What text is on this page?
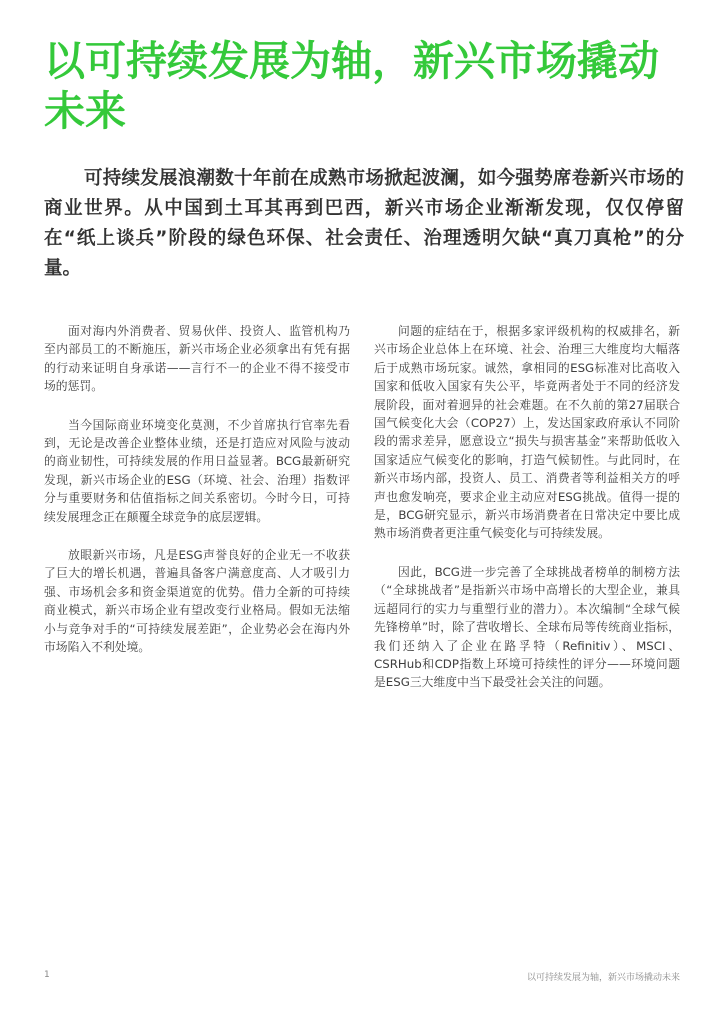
以可持续发展为轴，新兴市场撬动未来

可持续发展浪潮数十年前在成熟市场掀起波澜，如今强势席卷新兴市场的商业世界。从中国到土耳其再到巴西，新兴市场企业渐渐发现，仅仅停留在“纸上谈兵”阶段的绿色环保、社会责任、治理透明欠缺“真刀真枪”的分量。

面对海内外消费者、贸易伙伴、投资人、监管机构乃至内部员工的不断施压，新兴市场企业必须拿出有凭有据的行动来证明自身承诺——言行不一的企业不得不接受市场的惩罚。

当今国际商业环境变化莫测，不少首席执行官率先看到，无论是改善企业整体业绩，还是打造应对风险与波动的商业韧性，可持续发展的作用日益显著。BCG最新研究发现，新兴市场企业的ESG（环境、社会、治理）指数评分与重要财务和估值指标之间关系密切。今时今日，可持续发展理念正在颠覆全球竞争的底层逻辑。

放眼新兴市场，凡是ESG声誉良好的企业无一不收获了巨大的增长机遇，普遍具备客户满意度高、人才吸引力强、市场机会多和资金渠道宽的优势。借力全新的可持续商业模式，新兴市场企业有望改变行业格局。假如无法缩小与竞争对手的“可持续发展差距”，企业势必会在海内外市场陷入不利处境。

问题的症结在于，根据多家评级机构的权威排名，新兴市场企业总体上在环境、社会、治理三大维度均大幅落后于成熟市场玩家。诚然，拿相同的ESG标准对比高收入国家和低收入国家有失公平，毕竟两者处于不同的经济发展阶段，面对着迥异的社会难题。在不久前的第27届联合国气候变化大会（COP27）上，发达国家政府承认不同阶段的需求差异，愿意设立“损失与损害基金”来帮助低收入国家适应气候变化的影响，打造气候韧性。与此同时，在新兴市场内部，投资人、员工、消费者等利益相关方的呼声也愈发响亮，要求企业主动应对ESG挑战。值得一提的是，BCG研究显示，新兴市场消费者在日常决定中要比成熟市场消费者更注重气候变化与可持续发展。

因此，BCG进一步完善了全球挑战者榜单的制榜方法（“全球挑战者”是指新兴市场中高增长的大型企业，兼具远超同行的实力与重塑行业的潜力）。本次编制“全球气候先锋榜单”时，除了营收增长、全球布局等传统商业指标，我们还纳入了企业在路孚特（Refinitiv）、MSCI、CSRHub和CDP指数上环境可持续性的评分——环境问题是ESG三大维度中当下最受社会关注的问题。

1	以可持续发展为轴，新兴市场撬动未来
